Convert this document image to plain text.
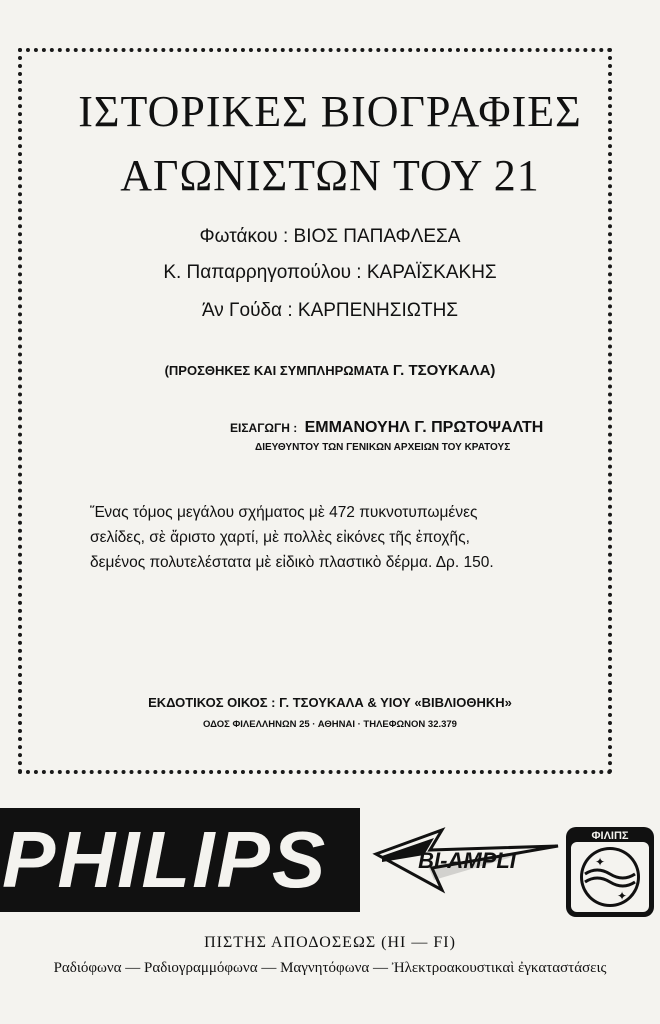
ΙΣΤΟΡΙΚΕΣ ΒΙΟΓΡΑΦΙΕΣ
ΑΓΩΝΙΣΤΩΝ ΤΟΥ 21
Φωτάκου : ΒΙΟΣ ΠΑΠΑΦΛΕΣΑ
Κ. Παπαρρηγοπούλου : ΚΑΡΑΪΣΚΑΚΗΣ
Άν Γούδα : ΚΑΡΠΕΝΗΣΙΩΤΗΣ
(ΠΡΟΣΘΗΚΕΣ ΚΑΙ ΣΥΜΠΛΗΡΩΜΑΤΑ Γ. ΤΣΟΥΚΑΛΑ)
ΕΙΣΑΓΩΓΗ : ΕΜΜΑΝΟΥΗΛ Γ. ΠΡΩΤΟΨΑΛΤΗ
ΔΙΕΥΘΥΝΤΟΥ ΤΩΝ ΓΕΝΙΚΩΝ ΑΡΧΕΙΩΝ ΤΟΥ ΚΡΑΤΟΥΣ
Ἕνας τόμος μεγάλου σχήματος μὲ 472 πυκνοτυπωμένες
σελίδες, σὲ ἄριστο χαρτί, μὲ πολλὲς εἰκόνες τῆς ἐποχῆς,
δεμένος πολυτελέστατα μὲ εἰδικὸ πλαστικὸ δέρμα. Δρ. 150.
ΕΚΔΟΤΙΚΟΣ ΟΙΚΟΣ : Γ. ΤΣΟΥΚΑΛΑ & ΥΙΟΥ «ΒΙΒΛΙΟΘΗΚΗ»
ΟΔΟΣ ΦΙΛΕΛΛΗΝΩΝ 25 · ΑΘΗΝΑΙ · ΤΗΛΕΦΩΝΟΝ 32.379
PHILIPS	BI-AMPLI
ΦΙΛΙΠΣ
✦
✦
ΠΙΣΤΗΣ ΑΠΟΔΟΣΕΩΣ (HI — FI)
Ραδιόφωνα — Ραδιογραμμόφωνα — Μαγνητόφωνα — Ἠλεκτροακουστικαὶ ἐγκαταστάσεις
